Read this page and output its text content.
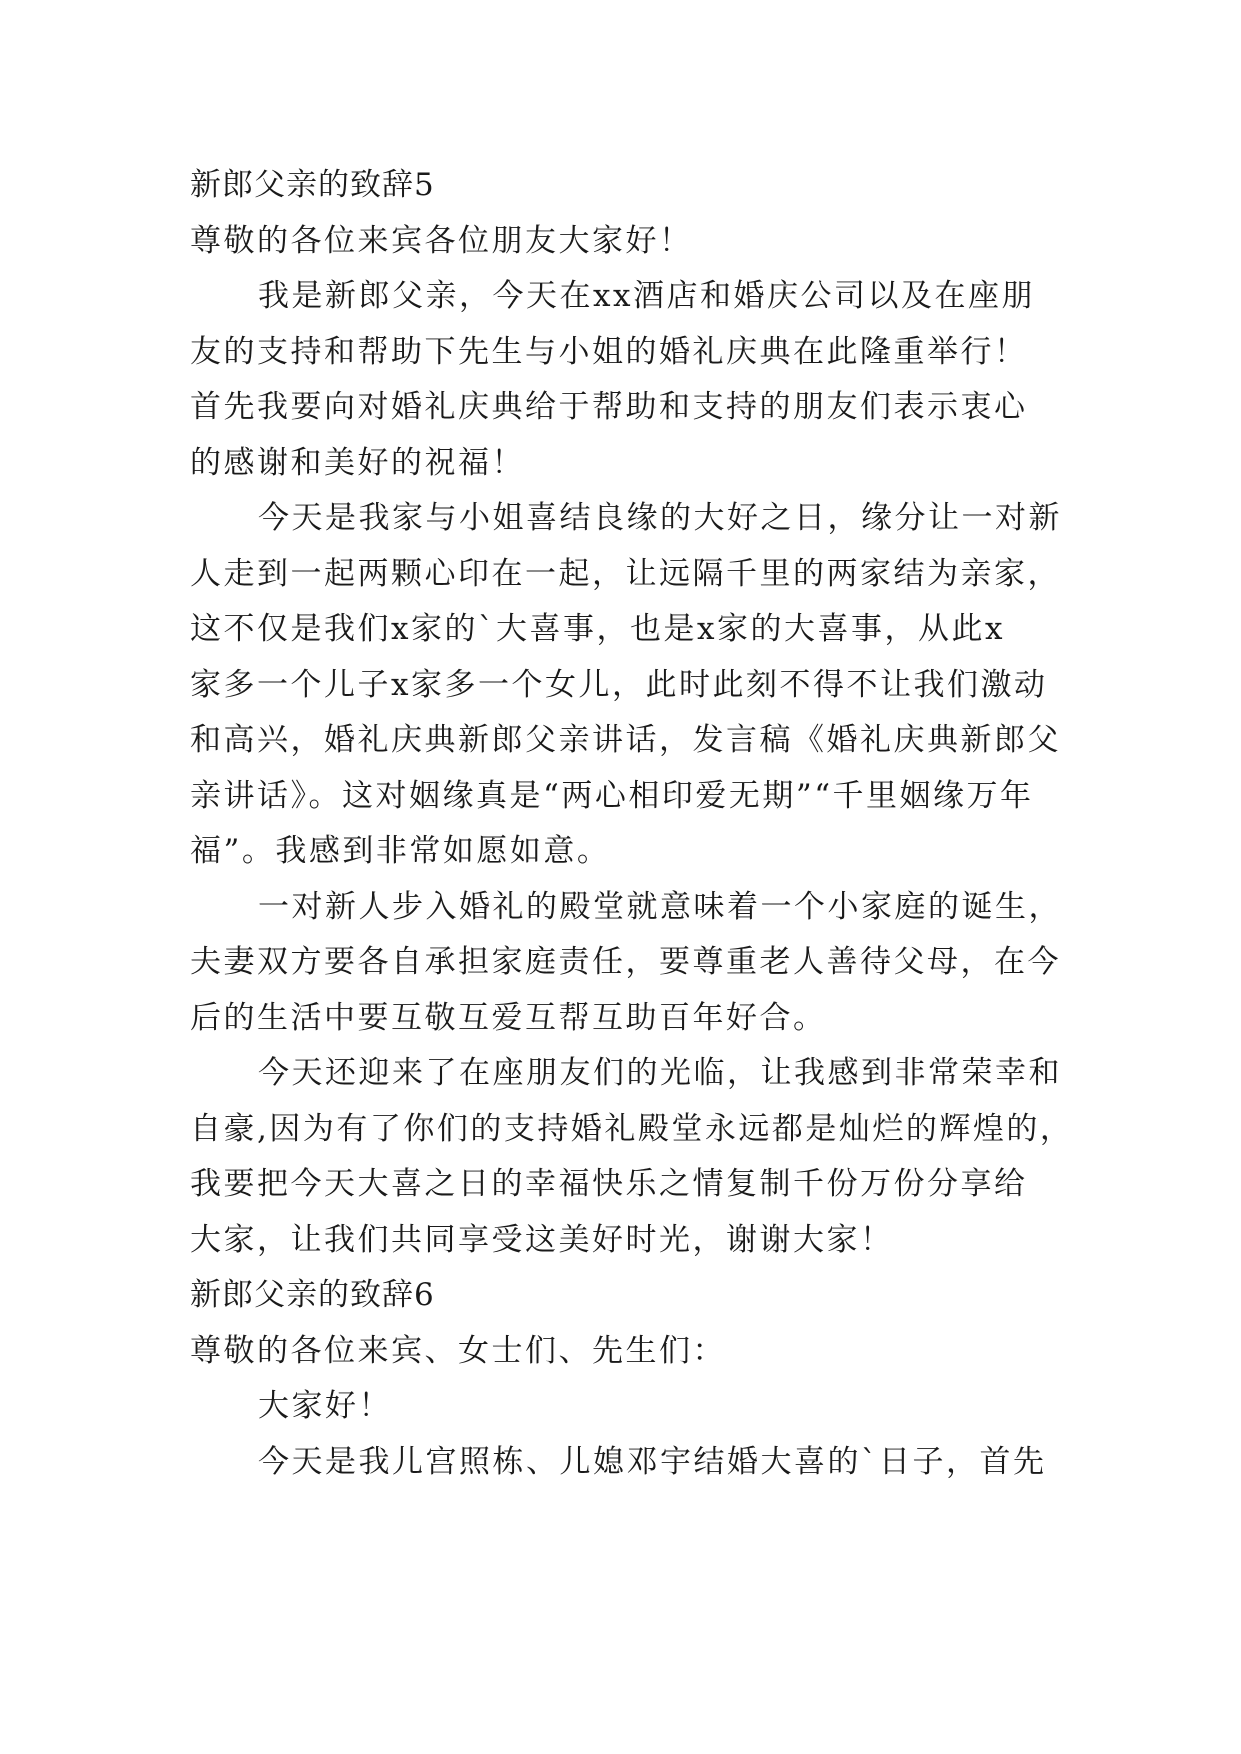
新郎父亲的致辞5
尊敬的各位来宾各位朋友大家好！
我是新郎父亲，今天在xx酒店和婚庆公司以及在座朋
友的支持和帮助下先生与小姐的婚礼庆典在此隆重举行！
首先我要向对婚礼庆典给于帮助和支持的朋友们表示衷心
的感谢和美好的祝福！
今天是我家与小姐喜结良缘的大好之日，缘分让一对新
人走到一起两颗心印在一起，让远隔千里的两家结为亲家，
这不仅是我们x家的`大喜事，也是x家的大喜事，从此x
家多一个儿子x家多一个女儿，此时此刻不得不让我们激动
和高兴，婚礼庆典新郎父亲讲话，发言稿《婚礼庆典新郎父
亲讲话》。这对姻缘真是“两心相印爱无期”“千里姻缘万年
福”。我感到非常如愿如意。
一对新人步入婚礼的殿堂就意味着一个小家庭的诞生，
夫妻双方要各自承担家庭责任，要尊重老人善待父母，在今
后的生活中要互敬互爱互帮互助百年好合。
今天还迎来了在座朋友们的光临，让我感到非常荣幸和
自豪,因为有了你们的支持婚礼殿堂永远都是灿烂的辉煌的，
我要把今天大喜之日的幸福快乐之情复制千份万份分享给
大家，让我们共同享受这美好时光，谢谢大家！
新郎父亲的致辞6
尊敬的各位来宾、女士们、先生们：
大家好！
今天是我儿宫照栋、儿媳邓宇结婚大喜的`日子，首先
